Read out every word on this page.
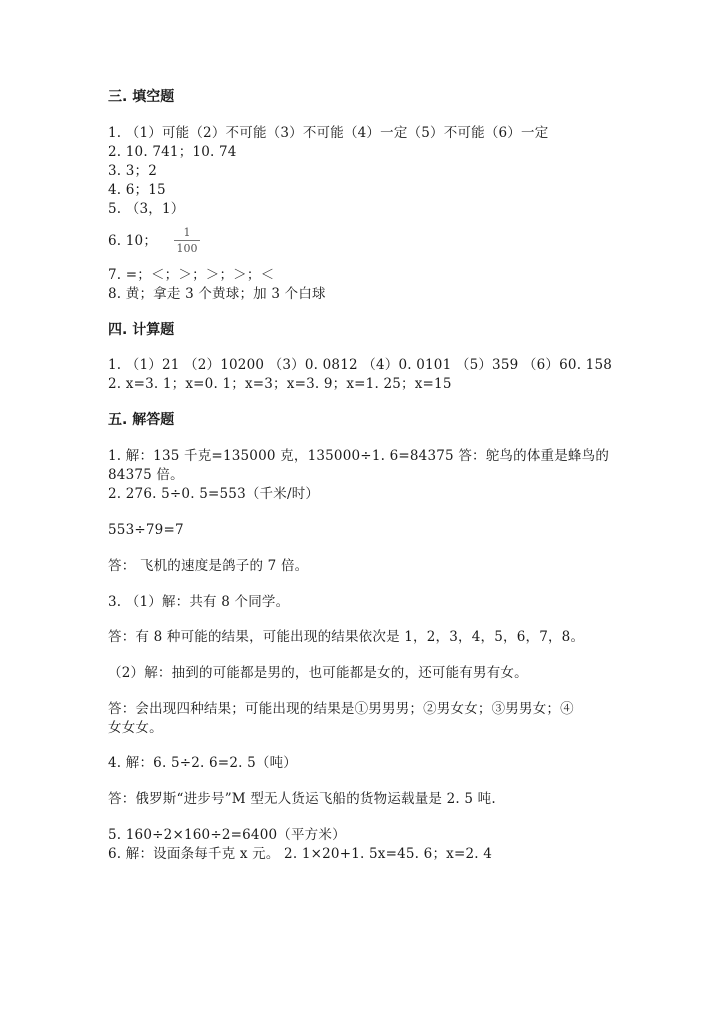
三. 填空题
1. （1）可能（2）不可能（3）不可能（4）一定（5）不可能（6）一定
2. 10. 741；10. 74
3. 3；2
4. 6；15
5. （3，1）
6. 10；
1
100
7. =；＜；＞；＞；＞；＜
8. 黄；拿走 3 个黄球；加 3 个白球
四. 计算题
1. （1）21 （2）10200 （3）0. 0812 （4）0. 0101 （5）359 （6）60. 158
2. x=3. 1；x=0. 1；x=3；x=3. 9；x=1. 25；x=15
五. 解答题
1. 解：135 千克=135000 克，135000÷1. 6=84375 答：鸵鸟的体重是蜂鸟的
84375 倍。
2. 276. 5÷0. 5=553（千米/时）
553÷79=7
答： 飞机的速度是鸽子的 7 倍。
3. （1）解：共有 8 个同学。
答：有 8 种可能的结果，可能出现的结果依次是 1，2，3，4，5，6，7，8。
（2）解：抽到的可能都是男的，也可能都是女的，还可能有男有女。
答：会出现四种结果；可能出现的结果是①男男男；②男女女；③男男女；④
女女女。
4. 解：6. 5÷2. 6=2. 5（吨）
答：俄罗斯“进步号”M 型无人货运飞船的货物运载量是 2. 5 吨.
5. 160÷2×160÷2=6400（平方米）
6. 解：设面条每千克 x 元。 2. 1×20+1. 5x=45. 6；x=2. 4
